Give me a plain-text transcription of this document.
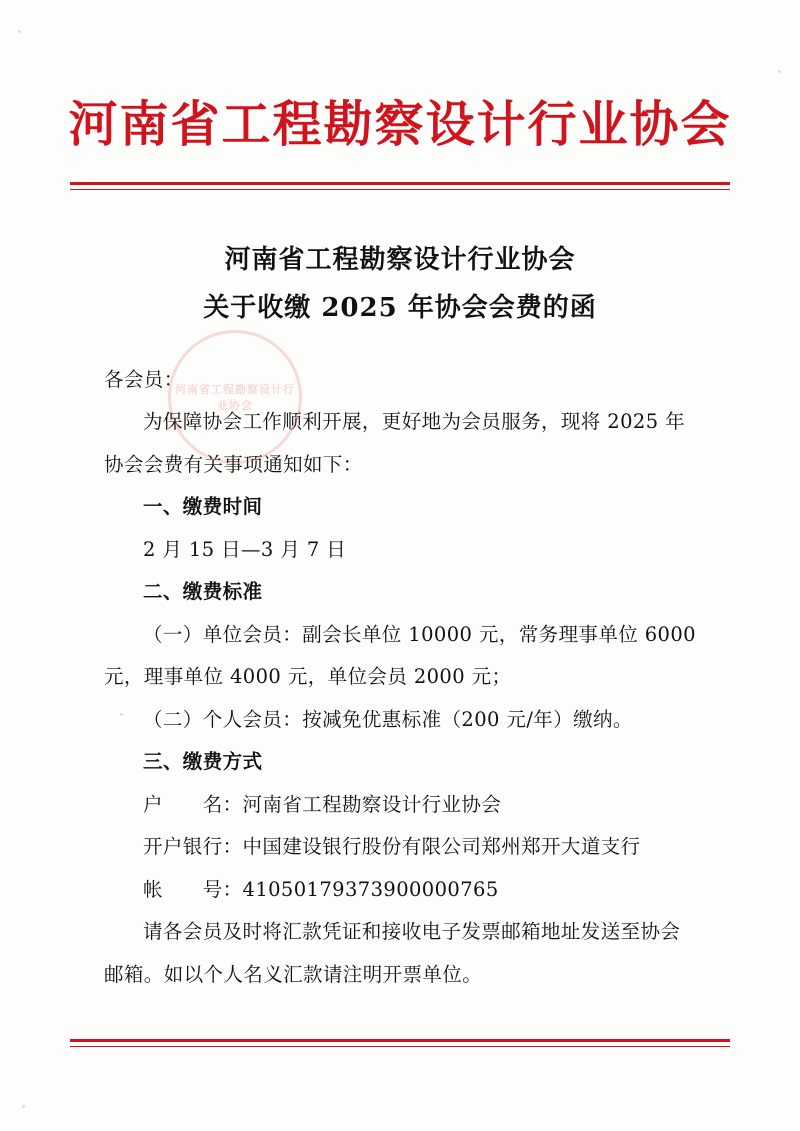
河南省工程勘察设计行业协会
河南省工程勘察设计行业协会
关于收缴 2025 年协会会费的函
河南省工程勘察设计行业协会

各会员：

为保障协会工作顺利开展，更好地为会员服务，现将 2025 年协会会费有关事项通知如下：

一、缴费时间

2 月 15 日—3 月 7 日

二、缴费标准

（一）单位会员：副会长单位 10000 元，常务理事单位 6000 元，理事单位 4000 元，单位会员 2000 元；

（二）个人会员：按减免优惠标准（200 元/年）缴纳。

三、缴费方式

户　　名：河南省工程勘察设计行业协会

开户银行：中国建设银行股份有限公司郑州郑开大道支行

帐　　号：41050179373900000765

请各会员及时将汇款凭证和接收电子发票邮箱地址发送至协会邮箱。如以个人名义汇款请注明开票单位。
